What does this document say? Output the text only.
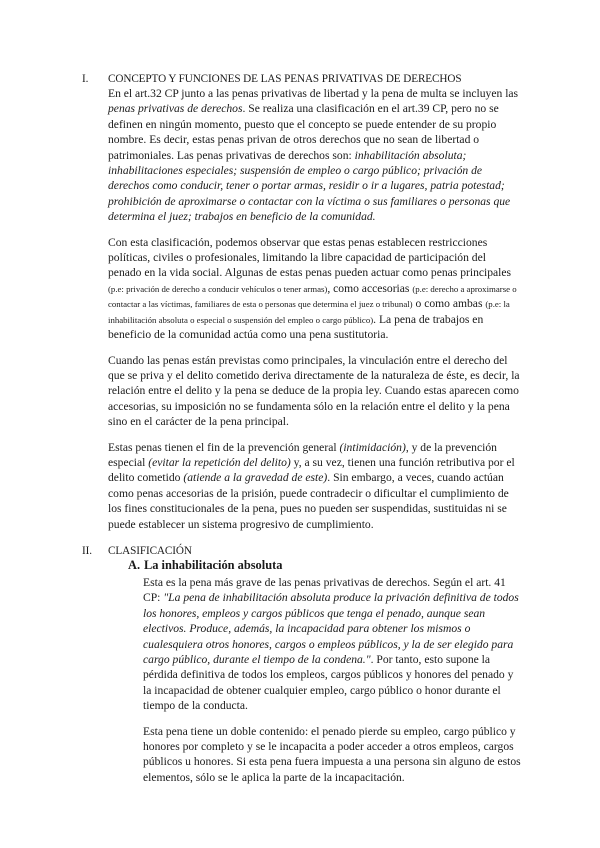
I. CONCEPTO Y FUNCIONES DE LAS PENAS PRIVATIVAS DE DERECHOS

En el art.32 CP junto a las penas privativas de libertad y la pena de multa se incluyen las penas privativas de derechos. Se realiza una clasificación en el art.39 CP, pero no se definen en ningún momento, puesto que el concepto se puede entender de su propio nombre. Es decir, estas penas privan de otros derechos que no sean de libertad o patrimoniales. Las penas privativas de derechos son: inhabilitación absoluta; inhabilitaciones especiales; suspensión de empleo o cargo público; privación de derechos como conducir, tener o portar armas, residir o ir a lugares, patria potestad; prohibición de aproximarse o contactar con la víctima o sus familiares o personas que determina el juez; trabajos en beneficio de la comunidad.

Con esta clasificación, podemos observar que estas penas establecen restricciones políticas, civiles o profesionales, limitando la libre capacidad de participación del penado en la vida social. Algunas de estas penas pueden actuar como penas principales (p.e: privación de derecho a conducir vehículos o tener armas), como accesorias (p.e: derecho a aproximarse o contactar a las víctimas, familiares de esta o personas que determina el juez o tribunal) o como ambas (p.e: la inhabilitación absoluta o especial o suspensión del empleo o cargo público). La pena de trabajos en beneficio de la comunidad actúa como una pena sustitutoria.

Cuando las penas están previstas como principales, la vinculación entre el derecho del que se priva y el delito cometido deriva directamente de la naturaleza de éste, es decir, la relación entre el delito y la pena se deduce de la propia ley. Cuando estas aparecen como accesorias, su imposición no se fundamenta sólo en la relación entre el delito y la pena sino en el carácter de la pena principal.

Estas penas tienen el fin de la prevención general (intimidación), y de la prevención especial (evitar la repetición del delito) y, a su vez, tienen una función retributiva por el delito cometido (atiende a la gravedad de este). Sin embargo, a veces, cuando actúan como penas accesorias de la prisión, puede contradecir o dificultar el cumplimiento de los fines constitucionales de la pena, pues no pueden ser suspendidas, sustituidas ni se puede establecer un sistema progresivo de cumplimiento.

II. CLASIFICACIÓN
A. La inhabilitación absoluta

Esta es la pena más grave de las penas privativas de derechos. Según el art. 41 CP: "La pena de inhabilitación absoluta produce la privación definitiva de todos los honores, empleos y cargos públicos que tenga el penado, aunque sean electivos. Produce, además, la incapacidad para obtener los mismos o cualesquiera otros honores, cargos o empleos públicos, y la de ser elegido para cargo público, durante el tiempo de la condena.". Por tanto, esto supone la pérdida definitiva de todos los empleos, cargos públicos y honores del penado y la incapacidad de obtener cualquier empleo, cargo público o honor durante el tiempo de la conducta.

Esta pena tiene un doble contenido: el penado pierde su empleo, cargo público y honores por completo y se le incapacita a poder acceder a otros empleos, cargos públicos u honores. Si esta pena fuera impuesta a una persona sin alguno de estos elementos, sólo se le aplica la parte de la incapacitación.
